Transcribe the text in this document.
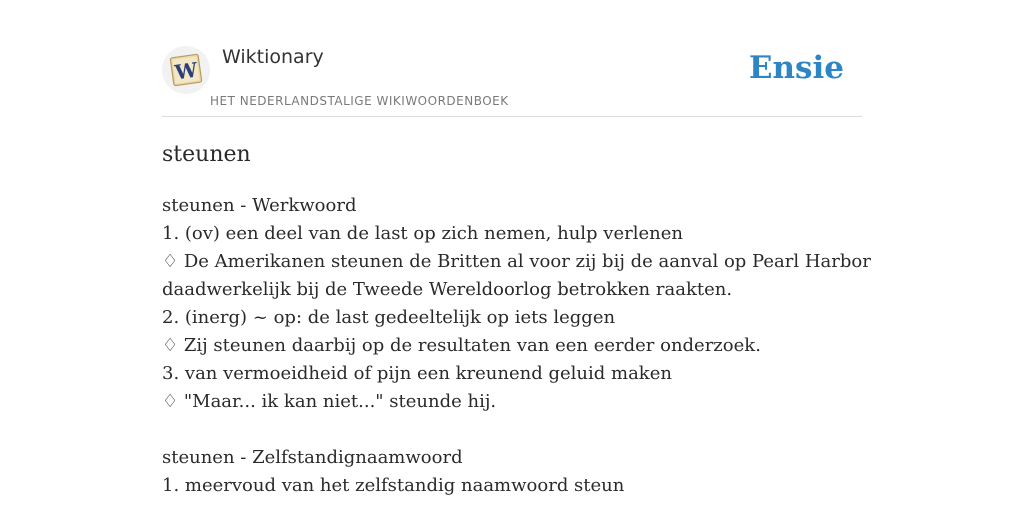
W
Wiktionary
HET NEDERLANDSTALIGE WIKIWOORDENBOEK
Ensie
steunen
steunen - Werkwoord
1. (ov) een deel van de last op zich nemen, hulp verlenen
♢ De Amerikanen steunen de Britten al voor zij bij de aanval op Pearl Harbor
daadwerkelijk bij de Tweede Wereldoorlog betrokken raakten.
2. (inerg) ~ op: de last gedeeltelijk op iets leggen
♢ Zij steunen daarbij op de resultaten van een eerder onderzoek.
3. van vermoeidheid of pijn een kreunend geluid maken
♢ "Maar... ik kan niet..." steunde hij.
steunen - Zelfstandignaamwoord
1. meervoud van het zelfstandig naamwoord steun
